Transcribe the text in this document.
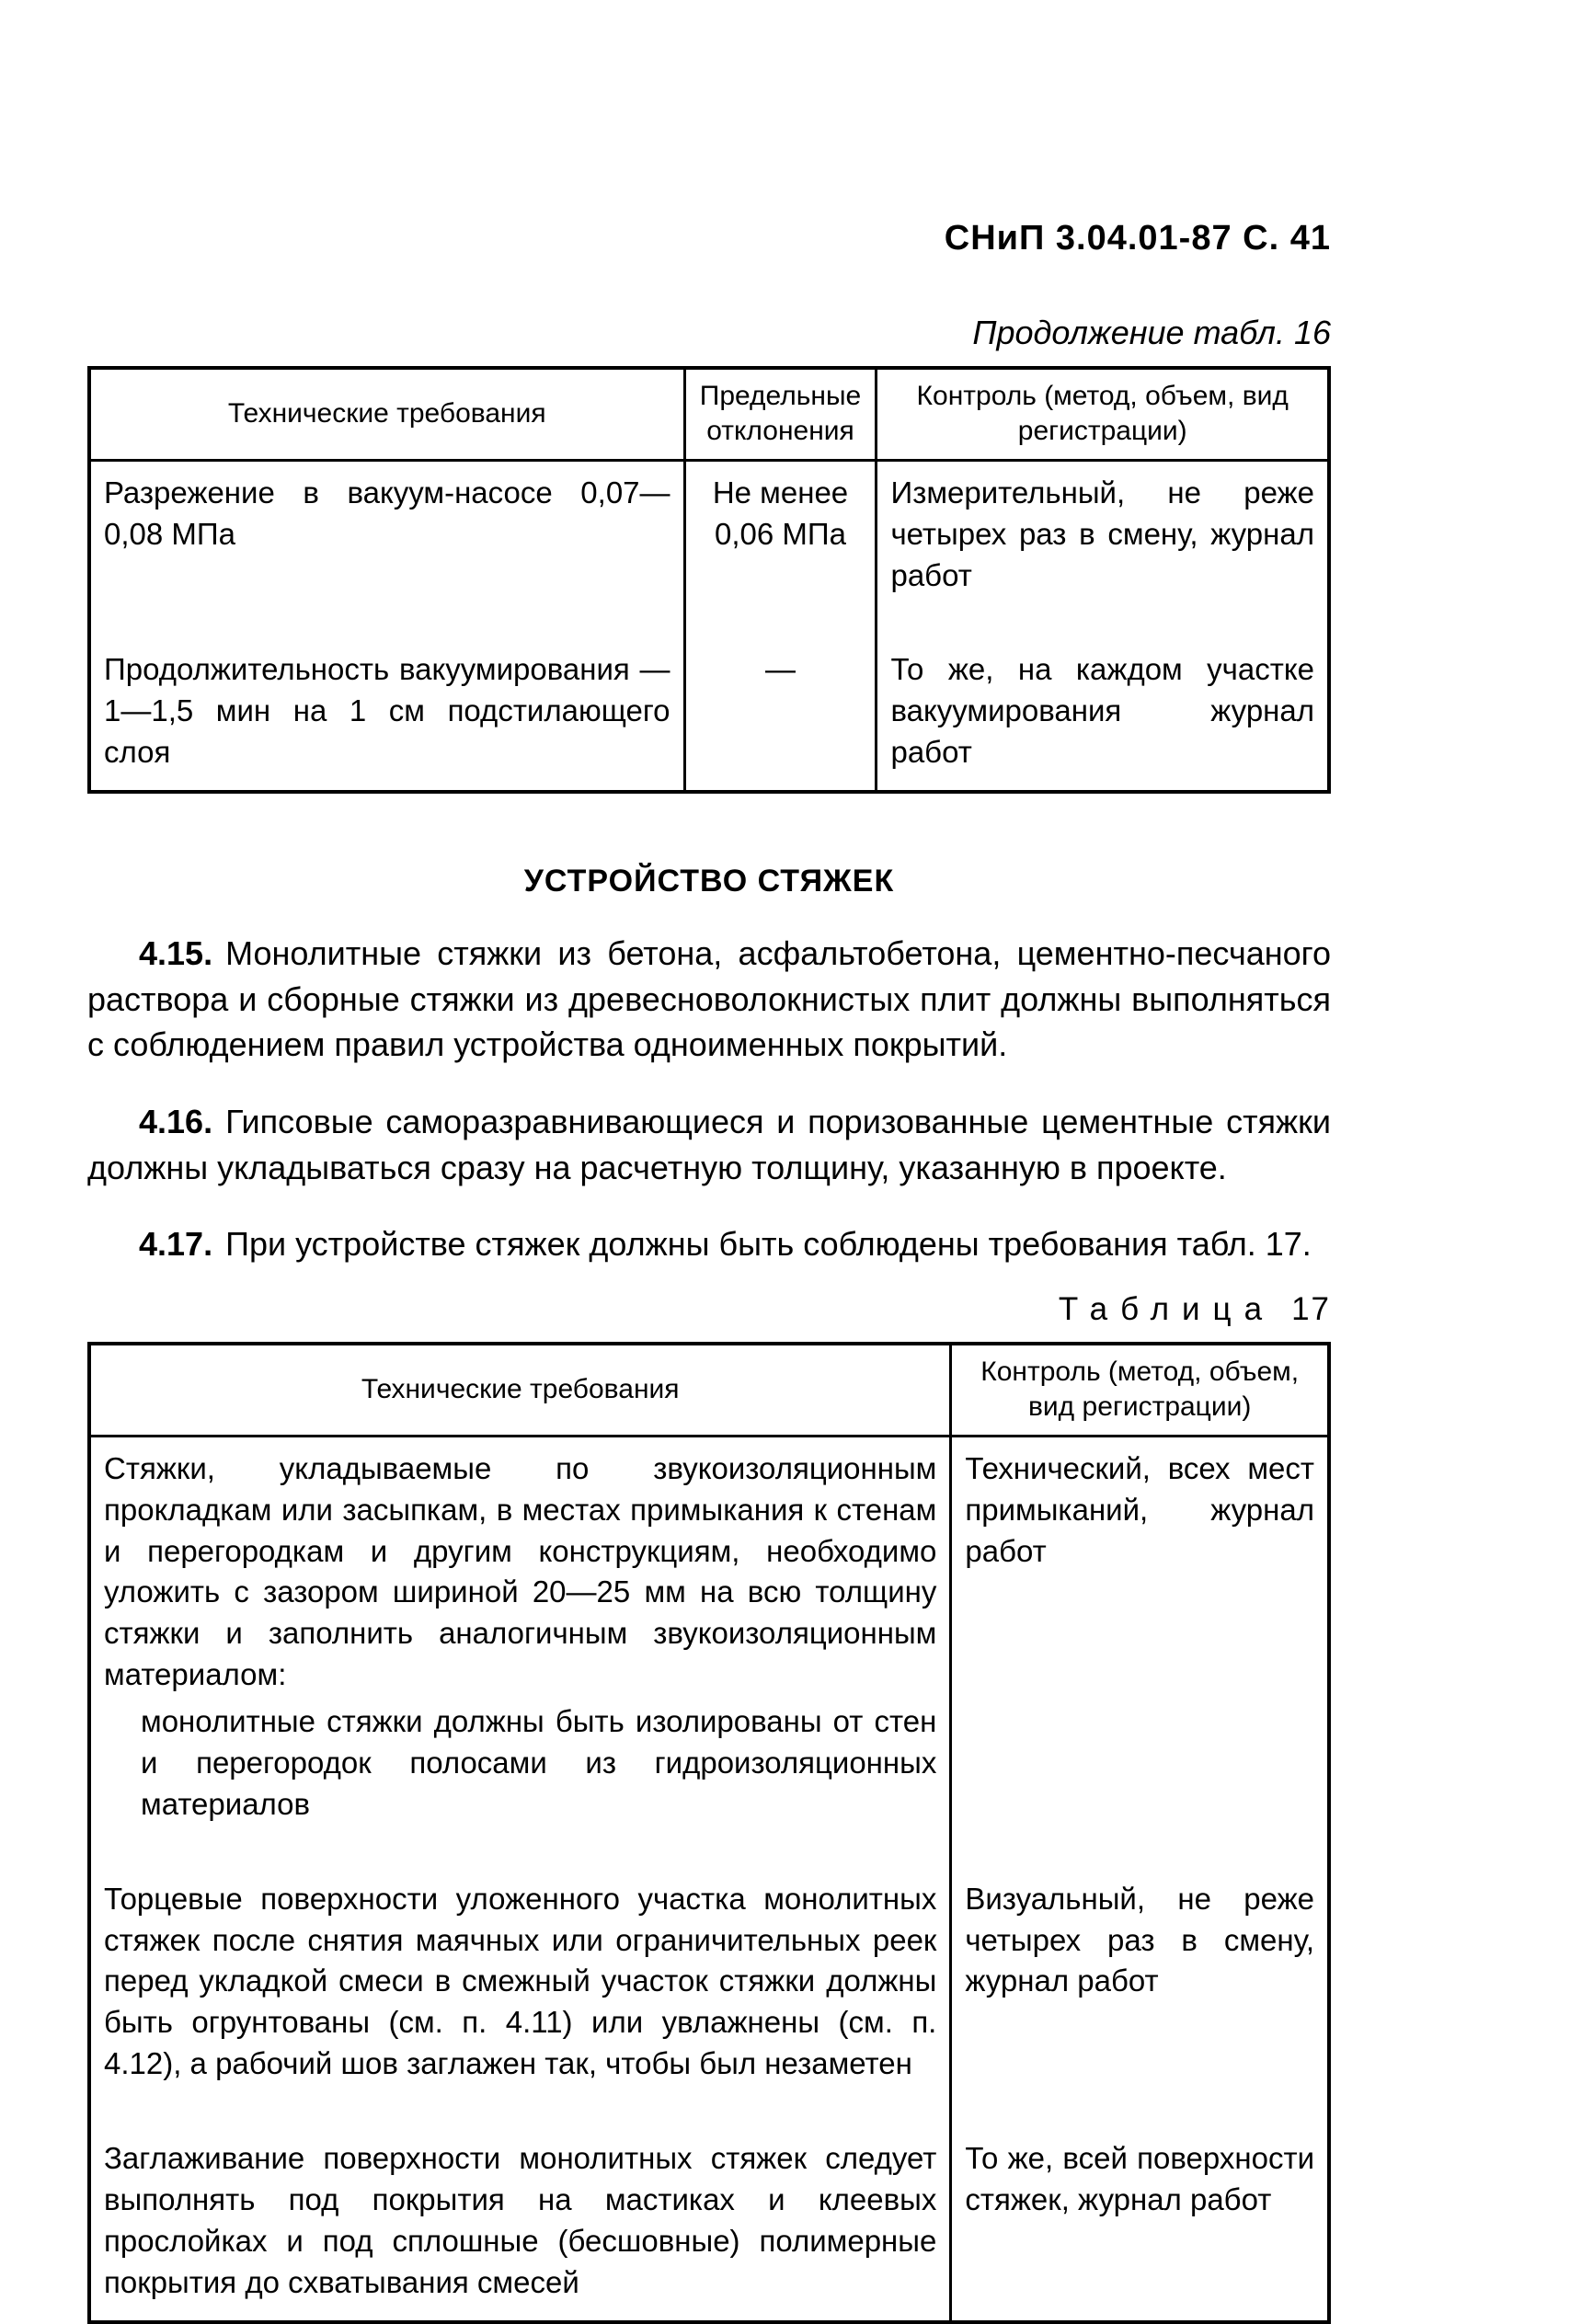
СНиП 3.04.01-87 С. 41
Продолжение табл. 16
Технические требования	Предельные отклонения	Контроль (метод, объем, вид регистрации)
Разрежение в вакуум-насосе 0,07—0,08 МПа	Не менее 0,06 МПа	Измерительный, не реже четырех раз в смену, журнал работ
Продолжительность вакуумирования — 1—1,5 мин на 1 см подстилающего слоя	—	То же, на каждом участке вакуумирования журнал работ
УСТРОЙСТВО СТЯЖЕК

4.15. Монолитные стяжки из бетона, асфальтобетона, цементно-песчаного раствора и сборные стяжки из древесноволокнистых плит должны выполняться с соблюдением правил устройства одноименных покрытий.

4.16. Гипсовые саморазравнивающиеся и поризованные цементные стяжки должны укладываться сразу на расчетную толщину, указанную в проекте.

4.17. При устройстве стяжек должны быть соблюдены требования табл. 17.

Таблица 17
Технические требования	Контроль (метод, объем, вид регистрации)

Стяжки, укладываемые по звукоизоляционным прокладкам или засыпкам, в местах примыкания к стенам и перегородкам и другим конструкциям, необходимо уложить с зазором шириной 20—25 мм на всю толщину стяжки и заполнить аналогичным звукоизоляционным материалом:
монолитные стяжки должны быть изолированы от стен и перегородок полосами из гидроизоляционных материалов	Технический, всех мест примыканий, журнал работ
Торцевые поверхности уложенного участка монолитных стяжек после снятия маячных или ограничительных реек перед укладкой смеси в смежный участок стяжки должны быть огрунтованы (см. п. 4.11) или увлажнены (см. п. 4.12), а рабочий шов заглажен так, чтобы был незаметен	Визуальный, не реже четырех раз в смену, журнал работ
Заглаживание поверхности монолитных стяжек следует выполнять под покрытия на мастиках и клеевых прослойках и под сплошные (бесшовные) полимерные покрытия до схватывания смесей	То же, всей поверхности стяжек, журнал работ
